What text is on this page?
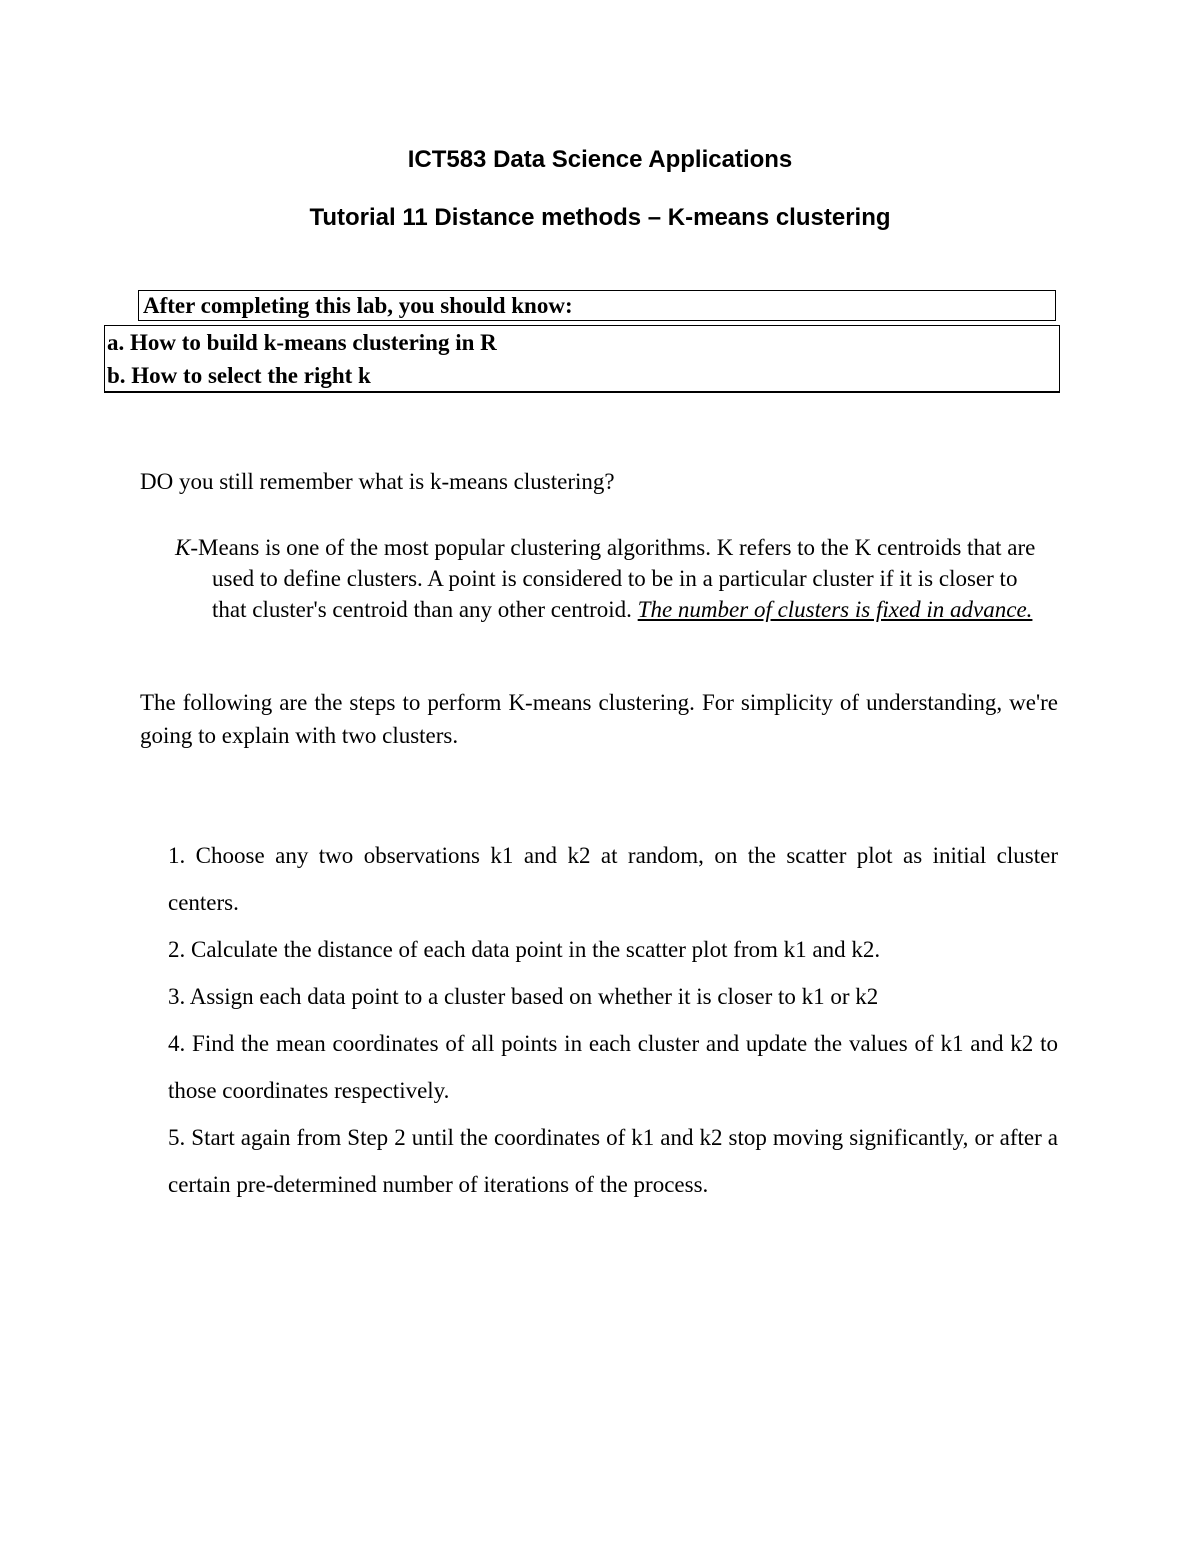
ICT583 Data Science Applications
Tutorial 11 Distance methods – K-means clustering
After completing this lab, you should know:
a. How to build k-means clustering in R
b. How to select the right k
DO you still remember what is k-means clustering?

K-Means is one of the most popular clustering algorithms. K refers to the K centroids that are used to define clusters. A point is considered to be in a particular cluster if it is closer to that cluster's centroid than any other centroid. The number of clusters is fixed in advance.

The following are the steps to perform K-means clustering. For simplicity of understanding, we're going to explain with two clusters.

1. Choose any two observations k1 and k2 at random, on the scatter plot as initial cluster centers.
2. Calculate the distance of each data point in the scatter plot from k1 and k2.
3. Assign each data point to a cluster based on whether it is closer to k1 or k2
4. Find the mean coordinates of all points in each cluster and update the values of k1 and k2 to those coordinates respectively.
5. Start again from Step 2 until the coordinates of k1 and k2 stop moving significantly, or after a certain pre-determined number of iterations of the process.
